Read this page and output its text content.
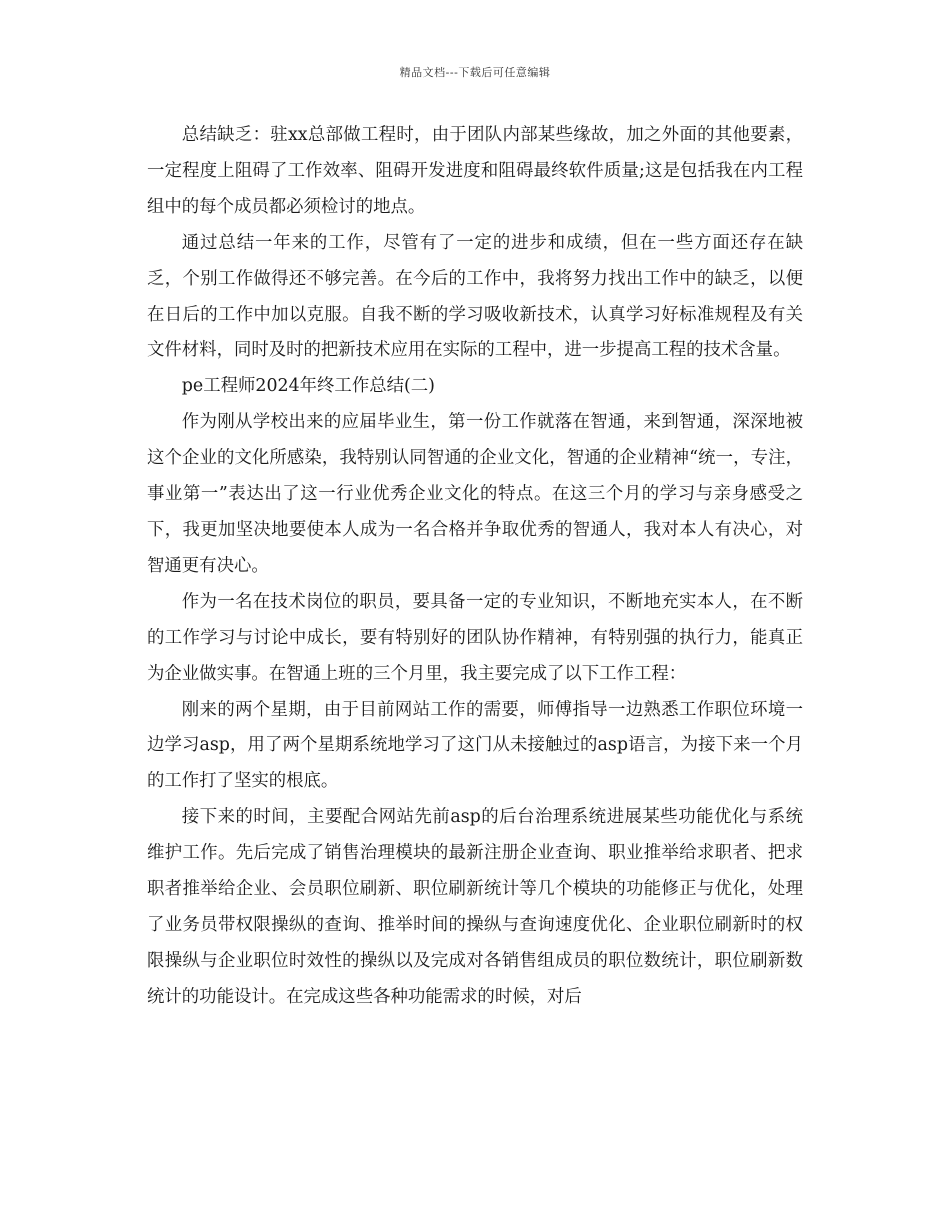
精品文档---下载后可任意编辑

总结缺乏：驻xx总部做工程时，由于团队内部某些缘故，加之外面的其他要素，一定程度上阻碍了工作效率、阻碍开发进度和阻碍最终软件质量;这是包括我在内工程组中的每个成员都必须检讨的地点。

通过总结一年来的工作，尽管有了一定的进步和成绩，但在一些方面还存在缺乏，个别工作做得还不够完善。在今后的工作中，我将努力找出工作中的缺乏，以便在日后的工作中加以克服。自我不断的学习吸收新技术，认真学习好标准规程及有关文件材料，同时及时的把新技术应用在实际的工程中，进一步提高工程的技术含量。

pe工程师2024年终工作总结(二)

作为刚从学校出来的应届毕业生，第一份工作就落在智通，来到智通，深深地被这个企业的文化所感染，我特别认同智通的企业文化，智通的企业精神“统一，专注，事业第一”表达出了这一行业优秀企业文化的特点。在这三个月的学习与亲身感受之下，我更加坚决地要使本人成为一名合格并争取优秀的智通人，我对本人有决心，对智通更有决心。

作为一名在技术岗位的职员，要具备一定的专业知识，不断地充实本人，在不断的工作学习与讨论中成长，要有特别好的团队协作精神，有特别强的执行力，能真正为企业做实事。在智通上班的三个月里，我主要完成了以下工作工程：

刚来的两个星期，由于目前网站工作的需要，师傅指导一边熟悉工作职位环境一边学习asp，用了两个星期系统地学习了这门从未接触过的asp语言，为接下来一个月的工作打了坚实的根底。

接下来的时间，主要配合网站先前asp的后台治理系统进展某些功能优化与系统维护工作。先后完成了销售治理模块的最新注册企业查询、职业推举给求职者、把求职者推举给企业、会员职位刷新、职位刷新统计等几个模块的功能修正与优化，处理了业务员带权限操纵的查询、推举时间的操纵与查询速度优化、企业职位刷新时的权限操纵与企业职位时效性的操纵以及完成对各销售组成员的职位数统计，职位刷新数统计的功能设计。在完成这些各种功能需求的时候，对后
